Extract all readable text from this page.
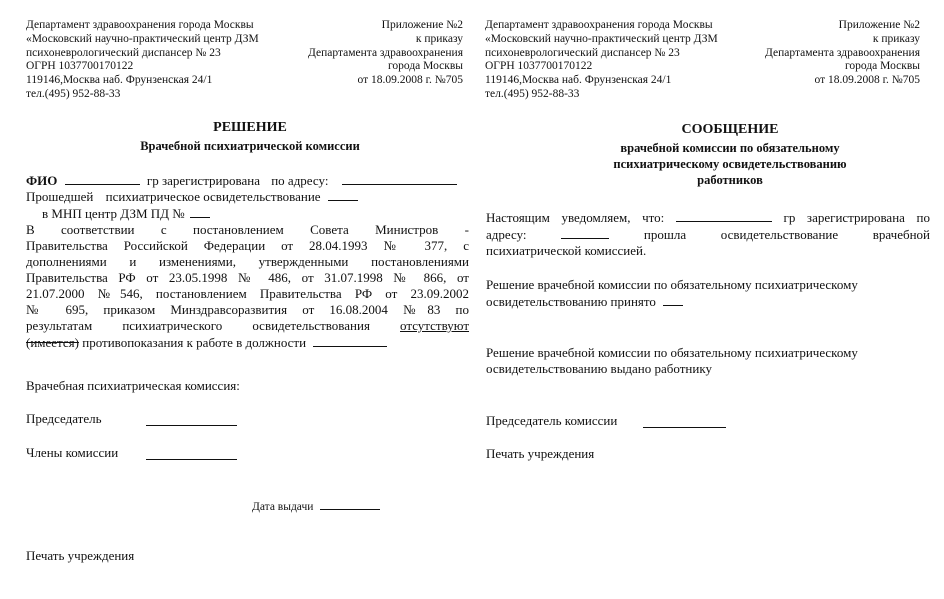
Департамент здравоохранения города Москвы
«Московский научно-практический центр ДЗМ
психоневрологический диспансер № 23
ОГРН 1037700170122
119146,Москва наб. Фрунзенская 24/1
тел.(495) 952-88-33
Приложение №2
к приказу
Департамента здравоохранения
города Москвы
от 18.09.2008 г. №705
РЕШЕНИЕ
Врачебной психиатрической комиссии
ФИО	гр зарегистрирована по адресу:
Прошедшей психиатрическое освидетельствование
в МНП центр ДЗМ ПД №
В соответствии с постановлением Совета Министров -
Правительства Российской Федерации от 28.04.1993 № 377, с
дополнениями и изменениями, утвержденными постановлениями
Правительства РФ от 23.05.1998 № 486, от 31.07.1998 № 866, от
21.07.2000 №546, постановлением Правительства РФ от 23.09.2002
№ 695, приказом Минздравсоразвития от 16.08.2004 №83 по
результатам психиатрического освидетельствования отсутствуют
(имеется) противопоказания к работе в должности
Врачебная психиатрическая комиссия:
Председатель
Члены комиссии
Дата выдачи
Печать учреждения
Департамент здравоохранения города Москвы
«Московский научно-практический центр ДЗМ
психоневрологический диспансер № 23
ОГРН 1037700170122
119146,Москва наб. Фрунзенская 24/1
тел.(495) 952-88-33
Приложение №2
к приказу
Департамента здравоохранения
города Москвы
от 18.09.2008 г. №705
СООБЩЕНИЕ
врачебной комиссии по обязательному
психиатрическому освидетельствованию
работников
Настоящим уведомляем, что:	гр зарегистрирована по
адресу:	прошла освидетельствование врачебной
психиатрической комиссией.
Решение врачебной комиссии по обязательному психиатрическому
освидетельствованию принято
Решение врачебной комиссии по обязательному психиатрическому
освидетельствованию выдано работнику
Председатель комиссии
Печать учреждения
